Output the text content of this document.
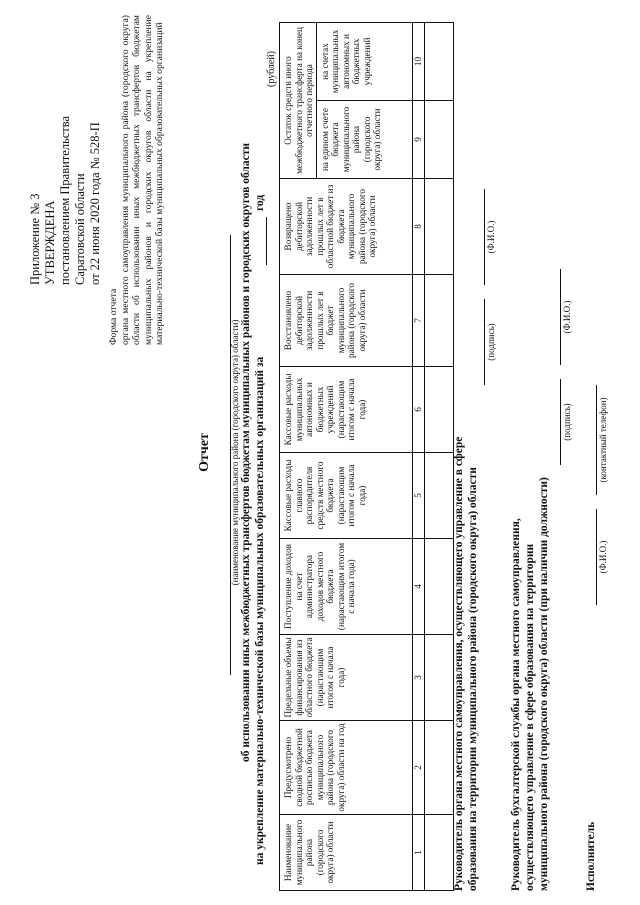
Приложение № 3 УТВЕРЖДЕНА постановлением Правительства Саратовской области от 22 июня 2020 года № 528-П
Форма отчета органа местного самоуправления муниципального района (городского округа) области об использовании иных межбюджетных трансфертов бюджетам муниципальных районов и городских округов области на укрепление материально-технической базы муниципальных образовательных организаций
Отчет (наименование муниципального района (городского округа) области) об использовании иных межбюджетных трансфертов бюджетам муниципальных районов и городских округов области на укрепление материально-технической базы муниципальных образовательных организаций за
год
(рублей)
Наименование муниципального района (городского округа) области	Предусмотрено сводной бюджетной росписью бюджета муниципального района (городского округа) области на год	Предельные объемы финансирования из областного бюджета (нарастающим итогом с начала года)	Поступление доходов на счет администратора доходов местного бюджета (нарастающим итогом с начала года)	Кассовые расходы главного распорядителя средств местного бюджета (нарастающим итогом с начала года)	Кассовые расходы муниципальных автономных и бюджетных учреждений (нарастающим итогом с начала года)	Восстановлено дебиторской задолженности прошлых лет в бюджет муниципального района (городского округа) области	Возвращено дебиторской задолженности прошлых лет в областной бюджет из бюджета муниципального района (городского округа) области	Остаток средств иного межбюджетного трансферта на конец отчетного периода	
								на едином счете бюджета муниципального района (городского округа) области	на счетах муниципальных автономных и бюджетных учреждений
1	2	3	4	5	6	7	8	9	10

Руководитель органа местного самоуправления, осуществляющего управление в сфере образования на территории муниципального района (городского округа) области
(подпись)
(Ф.И.О.)
Руководитель бухгалтерской службы органа местного самоуправления, осуществляющего управление в сфере образования на территории муниципального района (городского округа) области (при наличии должности)
(подпись)
(Ф.И.О.)
Исполнитель
(Ф.И.О.)
(контактный телефон)
